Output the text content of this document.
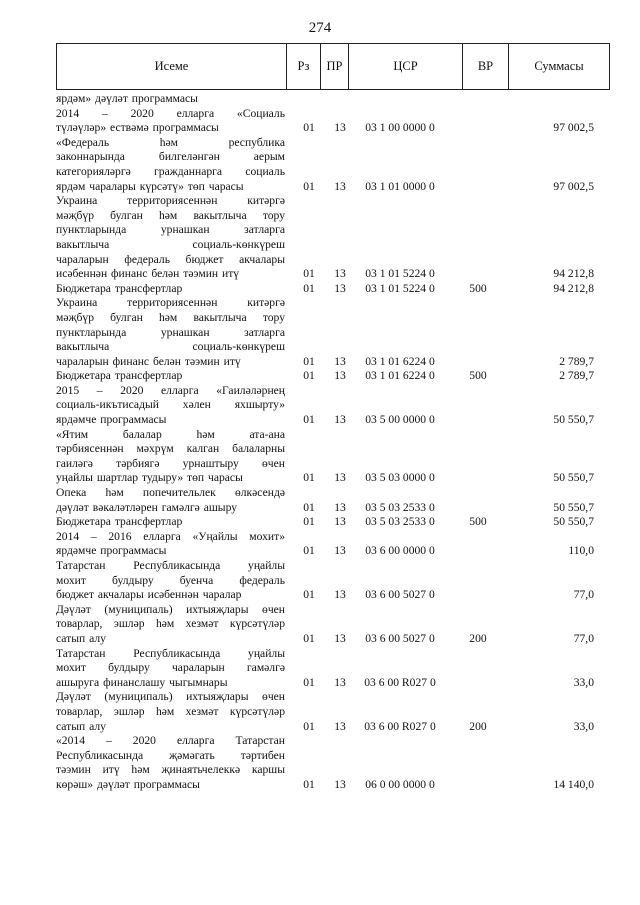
274
Исеме	Рз	ПР	ЦСР	ВР	Суммасы
ярдәм» дәүләт программасы
2014 – 2020 елларга «Социаль
түләүләр» ествәмә программасы	01	13	03 1 00 0000 0	97 002,5
«Федераль һәм республика
законнарында билгеләнгән аерым
категорияләргә гражданнарга социаль
ярдәм чаралары күрсәтү» төп чарасы	01	13	03 1 01 0000 0	97 002,5
Украина территориясеннән китәргә
мәҗбүр булган һәм вакытлыча тору
пунктларында урнашкан затларга
вакытлыча социаль-көнкүреш
чараларын федераль бюджет акчалары
исәбеннән финанс белән тәэмин итү	01	13	03 1 01 5224 0	94 212,8
Бюджетара трансфертлар	01	13	03 1 01 5224 0	500	94 212,8
Украина территориясеннән китәргә
мәҗбүр булган һәм вакытлыча тору
пунктларында урнашкан затларга
вакытлыча социаль-көнкүреш
чараларын финанс белән тәэмин итү	01	13	03 1 01 6224 0	2 789,7
Бюджетара трансфертлар	01	13	03 1 01 6224 0	500	2 789,7
2015 – 2020 елларга «Гаиләләрнең
социаль-икътисадый хәлен яхшырту»
ярдәмче программасы	01	13	03 5 00 0000 0	50 550,7
«Ятим балалар һәм ата-ана
тәрбиясеннән мәхрүм калган балаларны
гаиләгә тәрбиягә урнаштыру өчен
уңайлы шартлар тудыру» төп чарасы	01	13	03 5 03 0000 0	50 550,7
Опека һәм попечительлек өлкәсендә
дәүләт вәкаләтләрен гамәлгә ашыру	01	13	03 5 03 2533 0	50 550,7
Бюджетара трансфертлар	01	13	03 5 03 2533 0	500	50 550,7
2014 – 2016 елларга «Уңайлы мохит»
ярдәмче программасы	01	13	03 6 00 0000 0	110,0
Татарстан Республикасында уңайлы
мохит булдыру буенча федераль
бюджет акчалары исәбеннән чаралар	01	13	03 6 00 5027 0	77,0
Дәүләт (муниципаль) ихтыяҗлары өчен
товарлар, эшләр һәм хезмәт күрсәтүләр
сатып алу	01	13	03 6 00 5027 0	200	77,0
Татарстан Республикасында уңайлы
мохит булдыру чараларын гамәлгә
ашыруга финанслашу чыгымнары	01	13	03 6 00 R027 0	33,0
Дәүләт (муниципаль) ихтыяҗлары өчен
товарлар, эшләр һәм хезмәт күрсәтүләр
сатып алу	01	13	03 6 00 R027 0	200	33,0
«2014 – 2020 елларга Татарстан
Республикасында җәмәгать тәртибен
тәэмин итү һәм җинаятьчелеккә каршы
көрәш» дәүләт программасы	01	13	06 0 00 0000 0	14 140,0
